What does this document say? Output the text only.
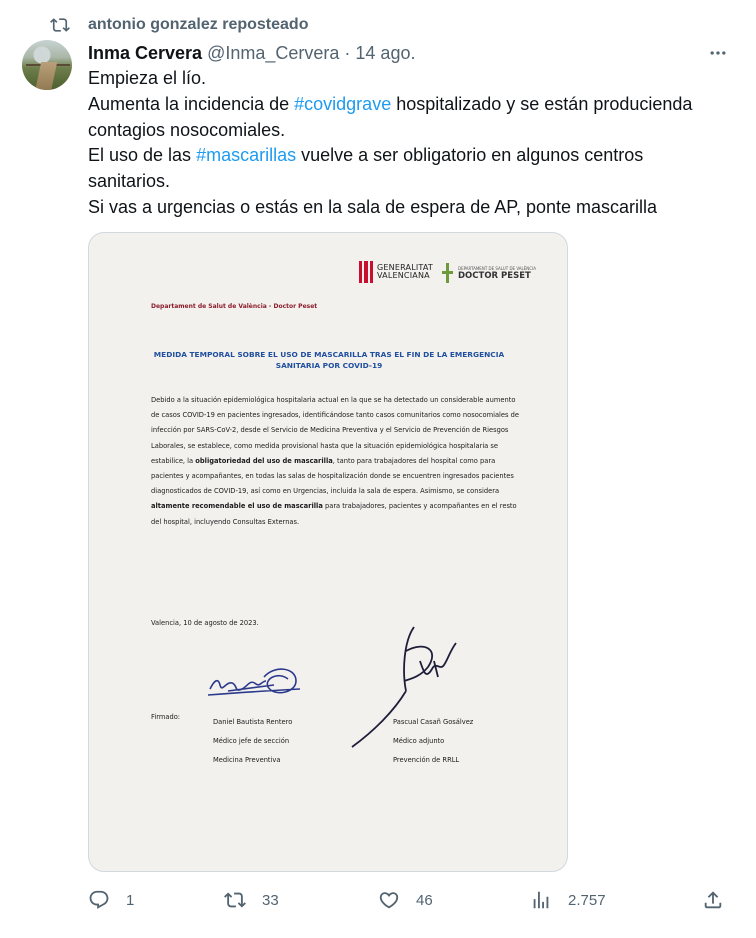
antonio gonzalez reposteado
Inma Cervera @Inma_Cervera · 14 ago.

Empieza el lío.

Aumenta la incidencia de #covidgrave hospitalizado y se están producienda contagios nosocomiales.

El uso de las #mascarillas vuelve a ser obligatorio en algunos centros sanitarios.

Si vas a urgencias o estás en la sala de espera de AP, ponte mascarilla

GENERALITAT
VALENCIANA
DEPARTAMENT DE SALUT DE VALÈNCIA
DOCTOR PESET
Departament de Salut de València - Doctor Peset
MEDIDA TEMPORAL SOBRE EL USO DE MASCARILLA TRAS EL FIN DE LA EMERGENCIA
SANITARIA POR COVID-19

Debido a la situación epidemiológica hospitalaria actual en la que se ha detectado un considerable aumento de casos COVID-19 en pacientes ingresados, identificándose tanto casos comunitarios como nosocomiales de infección por SARS-CoV-2, desde el Servicio de Medicina Preventiva y el Servicio de Prevención de Riesgos Laborales, se establece, como medida provisional hasta que la situación epidemiológica hospitalaria se estabilice, la obligatoriedad del uso de mascarilla, tanto para trabajadores del hospital como para pacientes y acompañantes, en todas las salas de hospitalización donde se encuentren ingresados pacientes diagnosticados de COVID-19, así como en Urgencias, incluida la sala de espera. Asimismo, se considera altamente recomendable el uso de mascarilla para trabajadores, pacientes y acompañantes en el resto del hospital, incluyendo Consultas Externas.

Valencia, 10 de agosto de 2023.
Firmado:
Daniel Bautista Rentero
Médico jefe de sección
Medicina Preventiva
Pascual Casañ Gosálvez
Médico adjunto
Prevención de RRLL
1	33	46	2.757
